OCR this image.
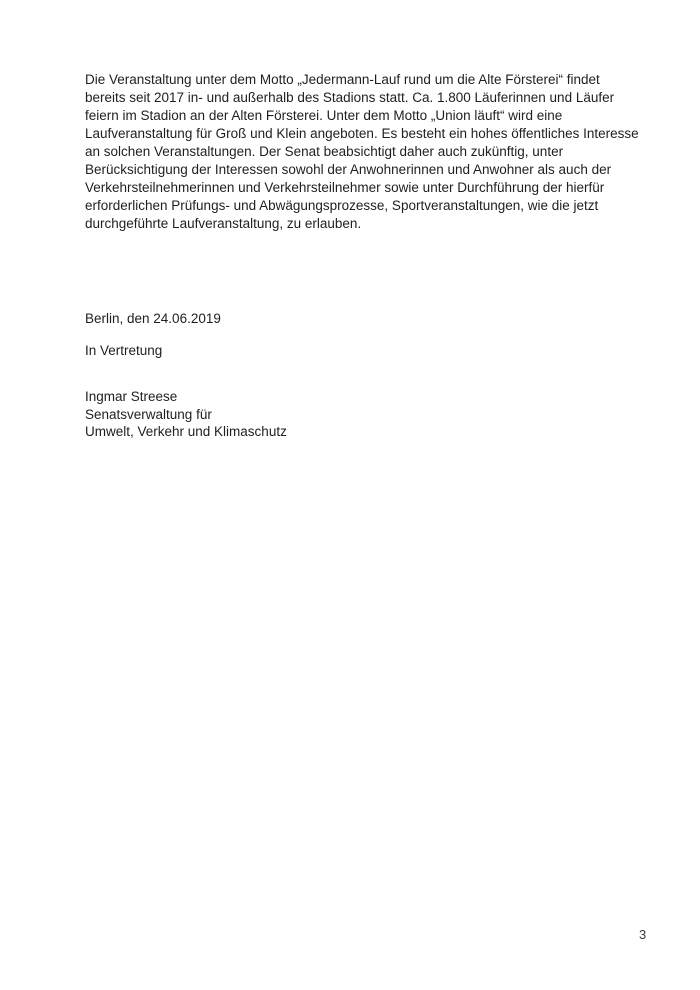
Die Veranstaltung unter dem Motto „Jedermann-Lauf rund um die Alte Försterei“ findet bereits seit 2017 in- und außerhalb des Stadions statt. Ca. 1.800 Läuferinnen und Läufer feiern im Stadion an der Alten Försterei. Unter dem Motto „Union läuft“ wird eine Laufveranstaltung für Groß und Klein angeboten. Es besteht ein hohes öffentliches Interesse an solchen Veranstaltungen. Der Senat beabsichtigt daher auch zukünftig, unter Berücksichtigung der Interessen sowohl der Anwohnerinnen und Anwohner als auch der Verkehrsteilnehmerinnen und Verkehrsteilnehmer sowie unter Durchführung der hierfür erforderlichen Prüfungs- und Abwägungsprozesse, Sportveranstaltungen, wie die jetzt durchgeführte Laufveranstaltung, zu erlauben.

Berlin, den 24.06.2019

In Vertretung

Ingmar Streese

Senatsverwaltung für

Umwelt, Verkehr und Klimaschutz

3
